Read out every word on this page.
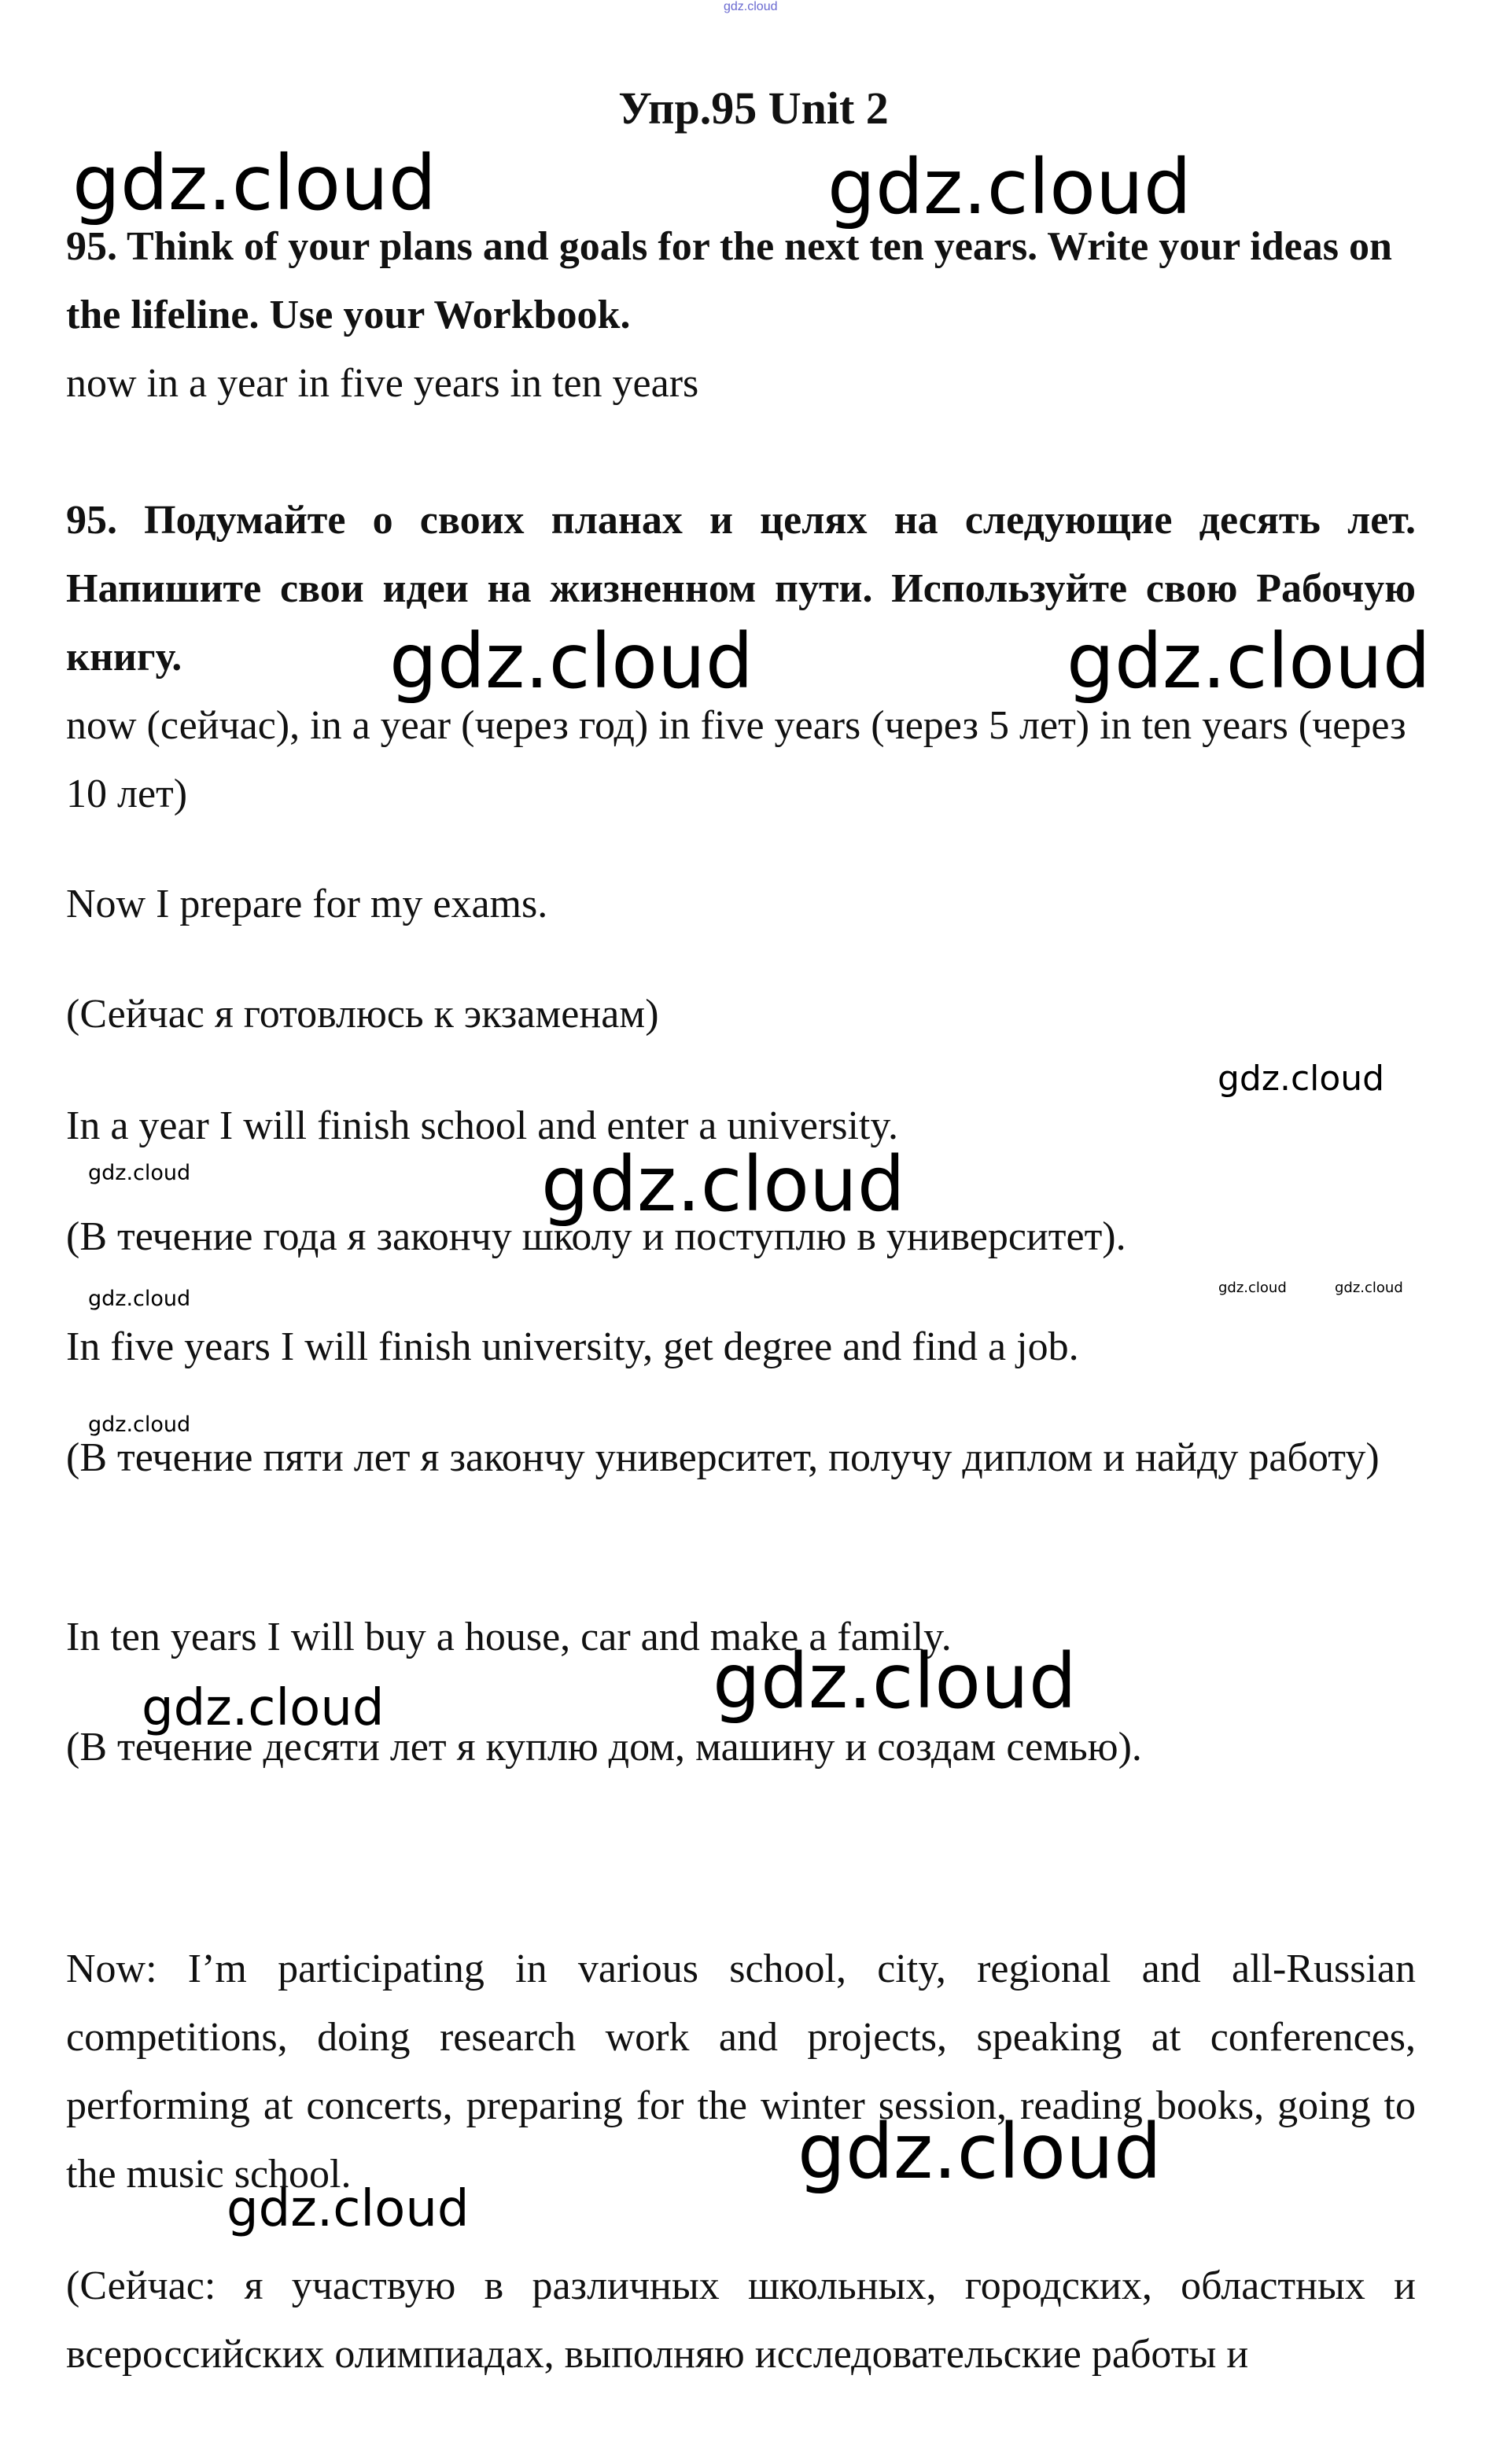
gdz.cloud
Упр.95 Unit 2

95. Think of your plans and goals for the next ten years. Write your ideas on the lifeline. Use your Workbook.

now in a year in five years in ten years

95. Подумайте о своих планах и целях на следующие десять лет. Напишите свои идеи на жизненном пути. Используйте свою Рабочую книгу.

now (сейчас), in a year (через год) in five years (через 5 лет) in ten years (через 10 лет)

Now I prepare for my exams.

(Сейчас я готовлюсь к экзаменам)

In a year I will finish school and enter a university.

(В течение года я закончу школу и поступлю в университет).

In five years I will finish university, get degree and find a job.

(В течение пяти лет я закончу университет, получу диплом и найду работу)

In ten years I will buy a house, car and make a family.

(В течение десяти лет я куплю дом, машину и создам семью).

Now: I’m participating in various school, city, regional and all-Russian competitions, doing research work and projects, speaking at conferences, performing at concerts, preparing for the winter session, reading books, going to the music school.

(Сейчас: я участвую в различных школьных, городских, областных и всероссийских олимпиадах, выполняю исследовательские работы и

gdz.cloud	gdz.cloud
gdz.cloud	gdz.cloud
gdz.cloud
gdz.cloud	gdz.cloud
gdz.cloud	gdz.cloud	gdz.cloud
gdz.cloud
gdz.cloud	gdz.cloud
gdz.cloud
gdz.cloud
